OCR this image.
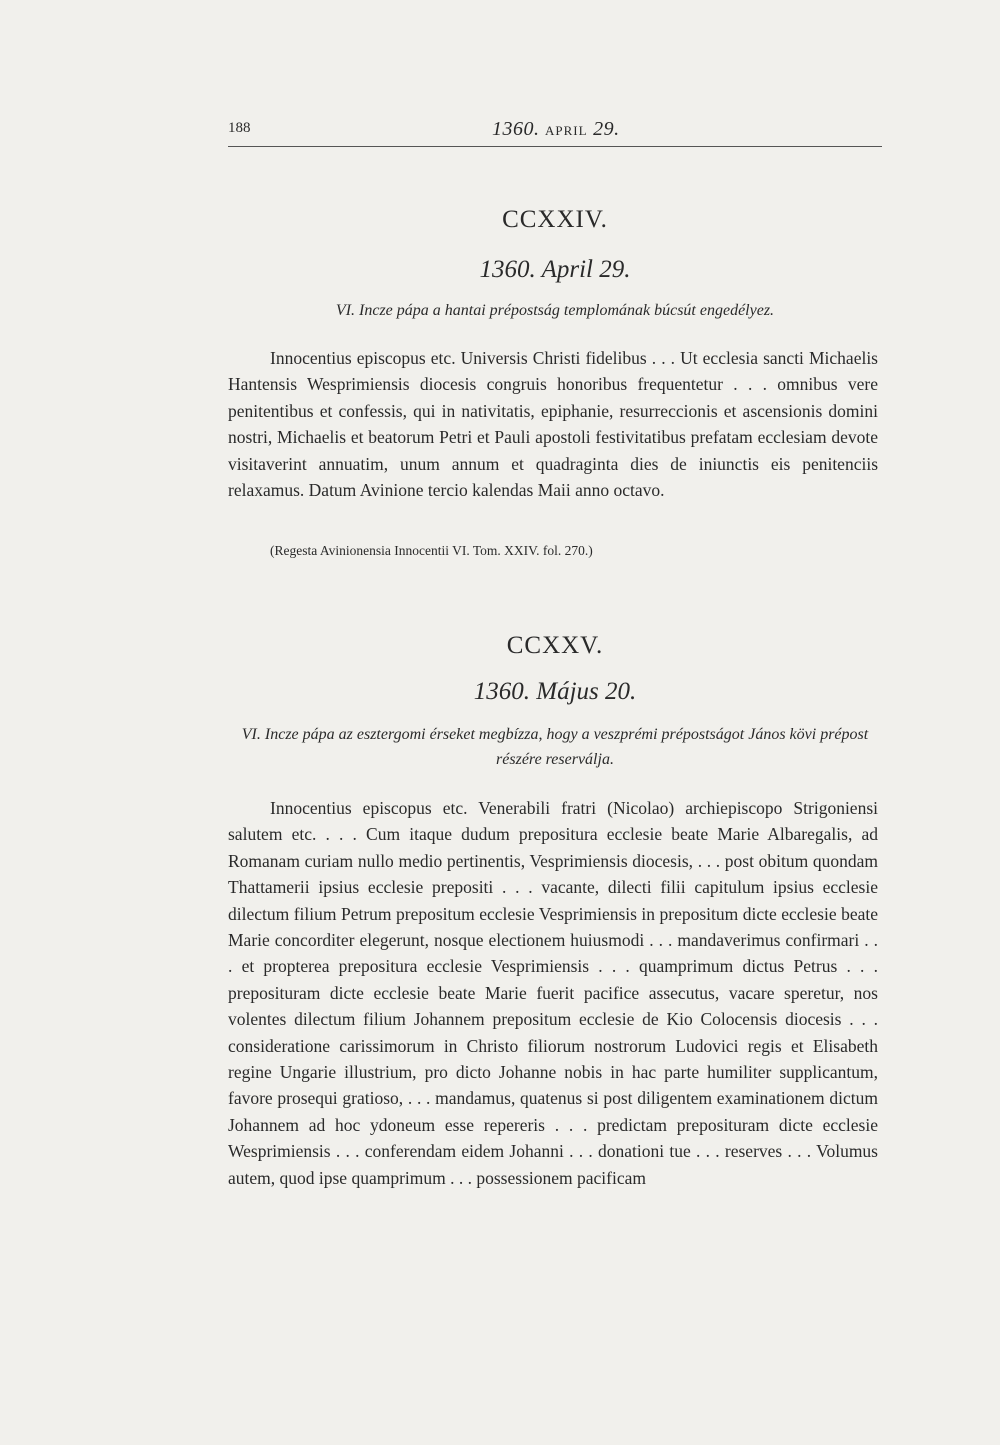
188	1360. APRIL 29.
CCXXIV.
1360. April 29.
VI. Incze pápa a hantai prépostság templomának búcsút engedélyez.
Innocentius episcopus etc. Universis Christi fidelibus . . . Ut ecclesia sancti Michaelis Hantensis Wesprimiensis diocesis congruis honoribus frequentetur . . . omnibus vere penitentibus et confessis, qui in nativitatis, epiphanie, resurreccionis et ascensionis domini nostri, Michaelis et beatorum Petri et Pauli apostoli festivitatibus prefatam ecclesiam devote visitaverint annuatim, unum annum et quadraginta dies de iniunctis eis penitenciis relaxamus. Datum Avinione tercio kalendas Maii anno octavo.
(Regesta Avinionensia Innocentii VI. Tom. XXIV. fol. 270.)
CCXXV.
1360. Május 20.
VI. Incze pápa az esztergomi érseket megbízza, hogy a veszprémi prépostságot János kövi prépost részére reserválja.
Innocentius episcopus etc. Venerabili fratri (Nicolao) archiepiscopo Strigoniensi salutem etc. . . . Cum itaque dudum prepositura ecclesie beate Marie Albaregalis, ad Romanam curiam nullo medio pertinentis, Vesprimiensis diocesis, . . . post obitum quondam Thattamerii ipsius ecclesie prepositi . . . vacante, dilecti filii capitulum ipsius ecclesie dilectum filium Petrum prepositum ecclesie Vesprimiensis in prepositum dicte ecclesie beate Marie concorditer elegerunt, nosque electionem huiusmodi . . . mandaverimus confirmari . . . et propterea prepositura ecclesie Vesprimiensis . . . quamprimum dictus Petrus . . . preposituram dicte ecclesie beate Marie fuerit pacifice assecutus, vacare speretur, nos volentes dilectum filium Johannem prepositum ecclesie de Kio Colocensis diocesis . . . consideratione carissimorum in Christo filiorum nostrorum Ludovici regis et Elisabeth regine Ungarie illustrium, pro dicto Johanne nobis in hac parte humiliter supplicantum, favore prosequi gratioso, . . . mandamus, quatenus si post diligentem examinationem dictum Johannem ad hoc ydoneum esse repereris . . . predictam preposituram dicte ecclesie Wesprimiensis . . . conferendam eidem Johanni . . . donationi tue . . . reserves . . . Volumus autem, quod ipse quamprimum . . . possessionem pacificam
